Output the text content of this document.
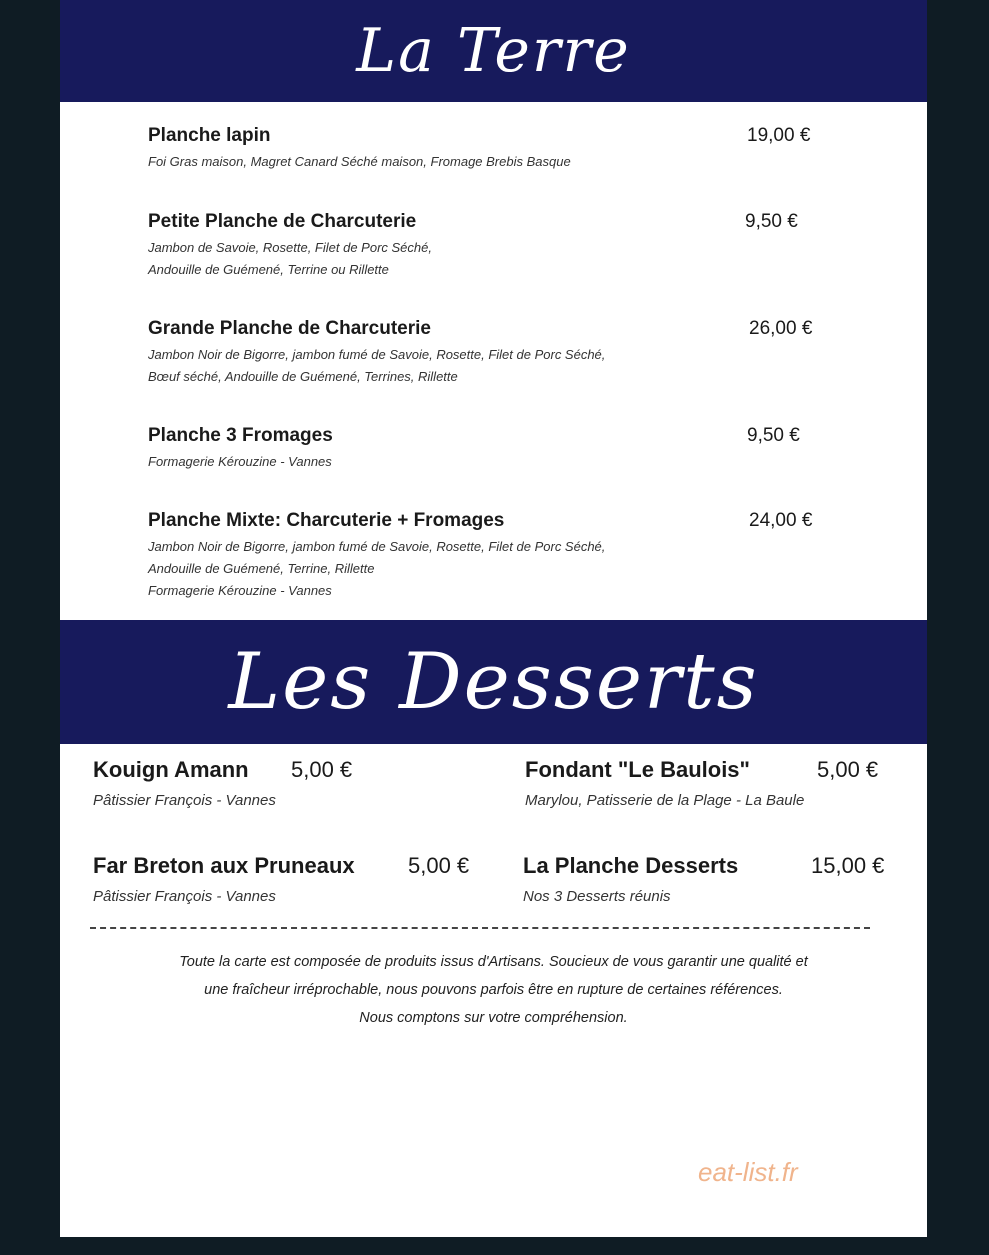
La Terre
Planche lapin	19,00 €
Foi Gras maison, Magret Canard Séché maison, Fromage Brebis Basque
Petite Planche de Charcuterie	9,50 €
Jambon de Savoie, Rosette, Filet de Porc Séché,
Andouille de Guémené, Terrine ou Rillette
Grande Planche de Charcuterie	26,00 €
Jambon Noir de Bigorre, jambon fumé de Savoie, Rosette, Filet de Porc Séché,
Bœuf séché, Andouille de Guémené, Terrines, Rillette
Planche 3 Fromages	9,50 €
Formagerie Kérouzine - Vannes
Planche Mixte: Charcuterie + Fromages	24,00 €
Jambon Noir de Bigorre, jambon fumé de Savoie, Rosette, Filet de Porc Séché,
Andouille de Guémené, Terrine, Rillette
Formagerie Kérouzine - Vannes
Les Desserts
Kouign Amann	5,00 €
Pâtissier François - Vannes
Fondant "Le Baulois"	5,00 €
Marylou, Patisserie de la Plage - La Baule
Far Breton aux Pruneaux	5,00 €
Pâtissier François - Vannes
La Planche Desserts	15,00 €
Nos 3 Desserts réunis
Toute la carte est composée de produits issus d'Artisans. Soucieux de vous garantir une qualité et
une fraîcheur irréprochable, nous pouvons parfois être en rupture de certaines références.
Nous comptons sur votre compréhension.
eat-list.fr
